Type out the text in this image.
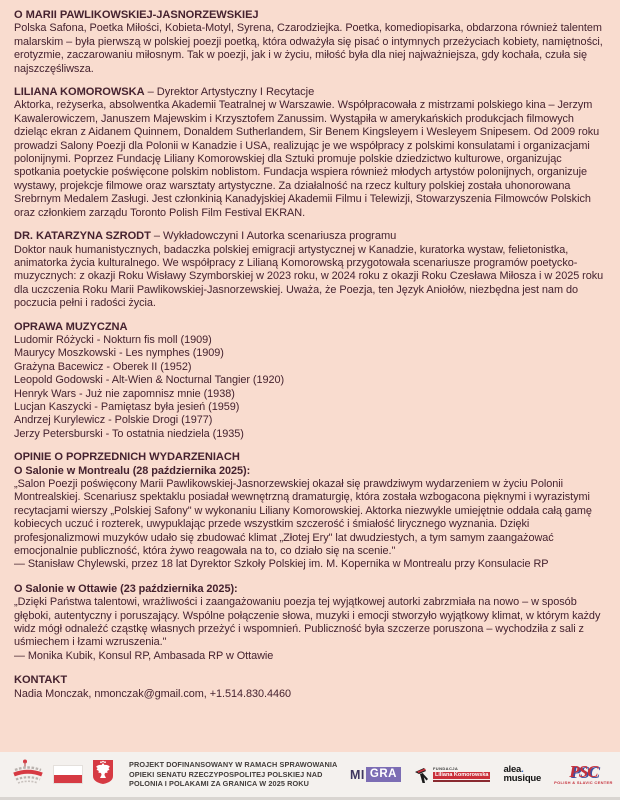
O MARII PAWLIKOWSKIEJ-JASNORZEWSKIEJ

Polska Safona, Poetka Miłości, Kobieta-Motyl, Syrena, Czarodziejka. Poetka, komediopisarka, obdarzona również talentem malarskim – była pierwszą w polskiej poezji poetką, która odważyła się pisać o intymnych przeżyciach kobiety, namiętności, erotyzmie, zaczarowaniu miłosnym. Tak w poezji, jak i w życiu, miłość była dla niej najważniejsza, gdy kochała, czuła się najszczęśliwsza.

LILIANA KOMOROWSKA – Dyrektor Artystyczny I Recytacje

Aktorka, reżyserka, absolwentka Akademii Teatralnej w Warszawie. Współpracowała z mistrzami polskiego kina – Jerzym Kawalerowiczem, Januszem Majewskim i Krzysztofem Zanussim. Wystąpiła w amerykańskich produkcjach filmowych dzieląc ekran z Aidanem Quinnem, Donaldem Sutherlandem, Sir Benem Kingsleyem i Wesleyem Snipesem. Od 2009 roku prowadzi Salony Poezji dla Polonii w Kanadzie i USA, realizując je we współpracy z polskimi konsulatami i organizacjami polonijnymi. Poprzez Fundację Liliany Komorowskiej dla Sztuki promuje polskie dziedzictwo kulturowe, organizując spotkania poetyckie poświęcone polskim noblistom. Fundacja wspiera również młodych artystów polonijnych, organizuje wystawy, projekcje filmowe oraz warsztaty artystyczne. Za działalność na rzecz kultury polskiej została uhonorowana Srebrnym Medalem Zasługi. Jest członkinią Kanadyjskiej Akademii Filmu i Telewizji, Stowarzyszenia Filmowców Polskich oraz członkiem zarządu Toronto Polish Film Festival EKRAN.

DR. KATARZYNA SZRODT – Wykładowczyni I Autorka scenariusza programu

Doktor nauk humanistycznych, badaczka polskiej emigracji artystycznej w Kanadzie, kuratorka wystaw, felietonistka, animatorka życia kulturalnego. We współpracy z Lilianą Komorowską przygotowała scenariusze programów poetycko-muzycznych: z okazji Roku Wisławy Szymborskiej w 2023 roku, w 2024 roku z okazji Roku Czesława Miłosza i w 2025 roku dla uczczenia Roku Marii Pawlikowskiej-Jasnorzewskiej. Uważa, że Poezja, ten Język Aniołów, niezbędna jest nam do poczucia pełni i radości życia.

OPRAWA MUZYCZNA
Ludomir Różycki - Nokturn fis moll (1909)
Maurycy Moszkowski - Les nymphes (1909)
Grażyna Bacewicz - Oberek II (1952)
Leopold Godowski - Alt-Wien & Nocturnal Tangier (1920)
Henryk Wars - Już nie zapomnisz mnie (1938)
Lucjan Kaszycki - Pamiętasz była jesień (1959)
Andrzej Kurylewicz - Polskie Drogi (1977)
Jerzy Petersburski - To ostatnia niedziela (1935)
OPINIE O POPRZEDNICH WYDARZENIACH
O Salonie w Montrealu (28 października 2025):

„Salon Poezji poświęcony Marii Pawlikowskiej-Jasnorzewskiej okazał się prawdziwym wydarzeniem w życiu Polonii Montrealskiej. Scenariusz spektaklu posiadał wewnętrzną dramaturgię, która została wzbogacona pięknymi i wyrazistymi recytacjami wierszy „Polskiej Safony" w wykonaniu Liliany Komorowskiej. Aktorka niezwykle umiejętnie oddała całą gamę kobiecych uczuć i rozterek, uwypuklając przede wszystkim szczerość i śmiałość lirycznego wyznania. Dzięki profesjonalizmowi muzyków udało się zbudować klimat „Złotej Ery" lat dwudziestych, a tym samym zaangażować emocjonalnie publiczność, która żywo reagowała na to, co działo się na scenie."

— Stanisław Chylewski, przez 18 lat Dyrektor Szkoły Polskiej im. M. Kopernika w Montrealu przy Konsulacie RP

O Salonie w Ottawie (23 października 2025):

„Dzięki Państwa talentowi, wrażliwości i zaangażowaniu poezja tej wyjątkowej autorki zabrzmiała na nowo – w sposób głęboki, autentyczny i poruszający. Wspólne połączenie słowa, muzyki i emocji stworzyło wyjątkowy klimat, w którym każdy widz mógł odnaleźć cząstkę własnych przeżyć i wspomnień. Publiczność była szczerze poruszona – wychodziła z sali z uśmiechem i łzami wzruszenia."

— Monika Kubik, Konsul RP, Ambasada RP w Ottawie

KONTAKT

Nadia Monczak, nmonczak@gmail.com, +1.514.830.4460

PROJEKT DOFINANSOWANY W RAMACH SPRAWOWANIA
OPIEKI SENATU RZECZYPOSPOLITEJ POLSKIEJ NAD
POLONIA I POLAKAMI ZA GRANICA W 2025 ROKU
MI GRA	FUNDACJA
Liliana Komorowska alea.
musique PSC
POLISH & SLAVIC CENTER
